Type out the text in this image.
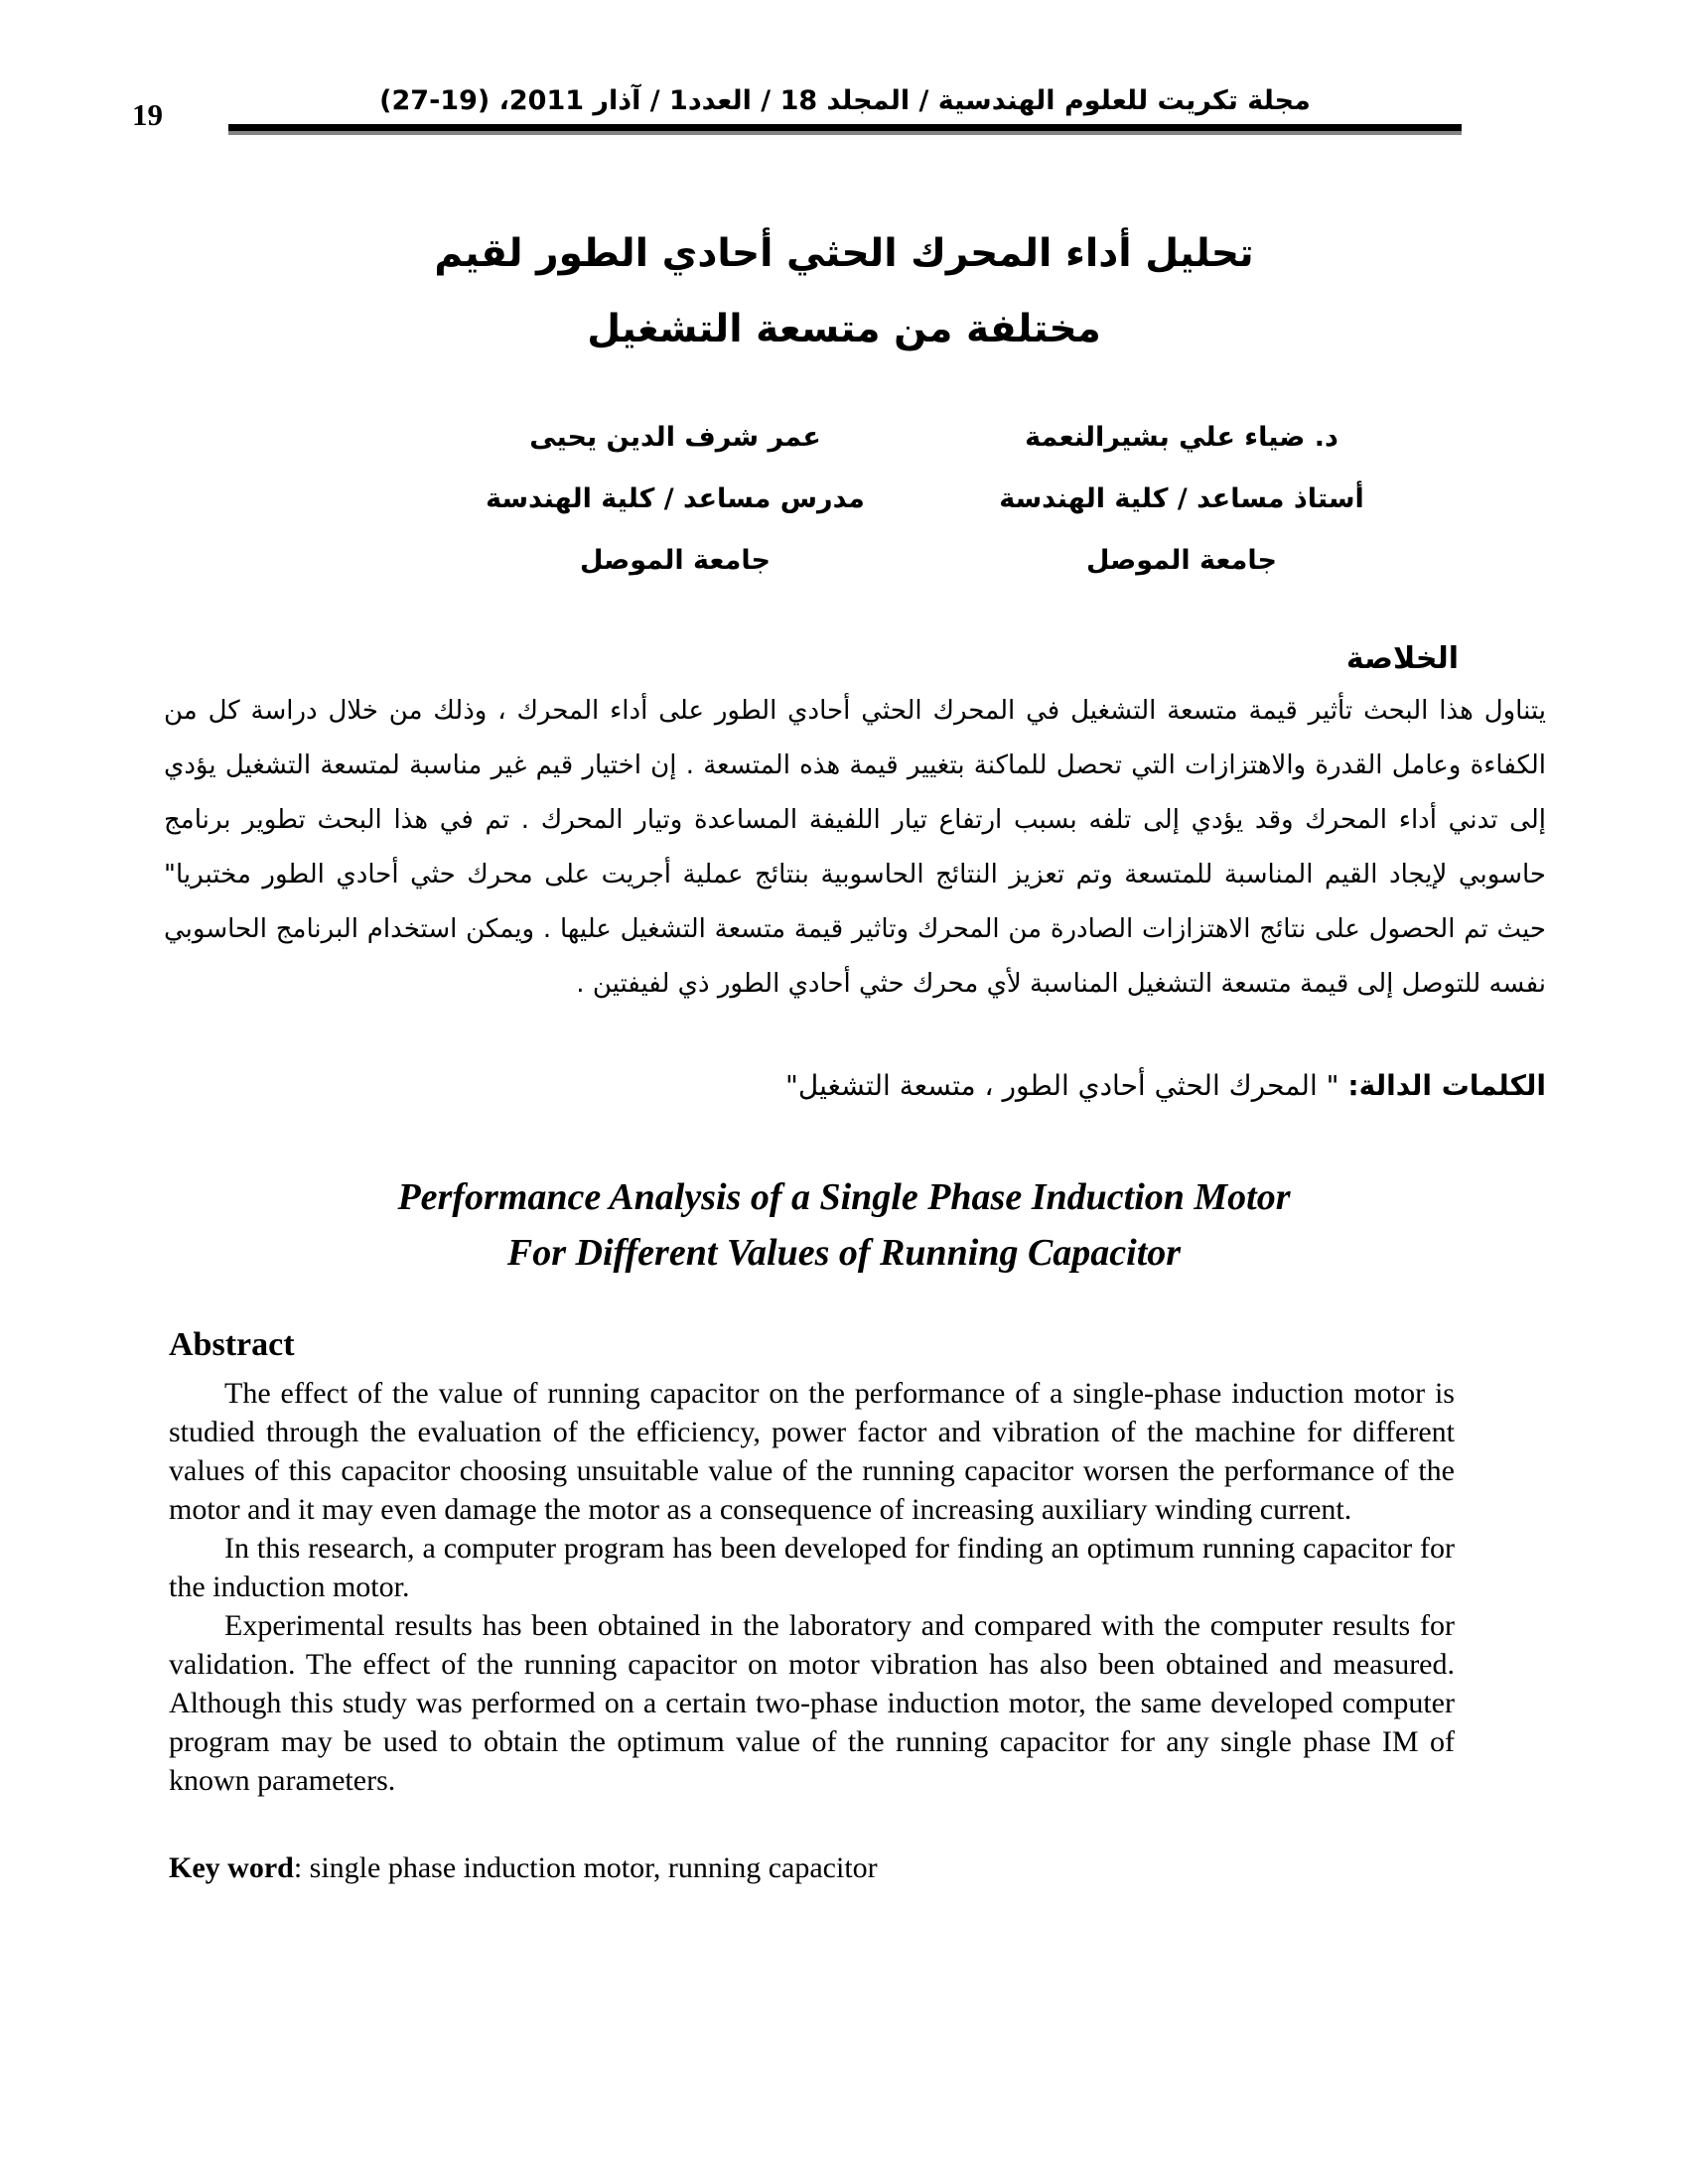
19	مجلة تكريت للعلوم الهندسية / المجلد 18 / العدد1 / آذار 2011، (19-27)
تحليل أداء المحرك الحثي أحادي الطور لقيم
مختلفة من متسعة التشغيل
د. ضياء علي بشيرالنعمة
أستاذ مساعد / كلية الهندسة
جامعة الموصل
عمر شرف الدين يحيى
مدرس مساعد / كلية الهندسة
جامعة الموصل
الخلاصة
يتناول هذا البحث تأثير قيمة متسعة التشغيل في المحرك الحثي أحادي الطور على أداء المحرك ، وذلك من خلال دراسة كل من الكفاءة وعامل القدرة والاهتزازات التي تحصل للماكنة بتغيير قيمة هذه المتسعة . إن اختيار قيم غير مناسبة لمتسعة التشغيل يؤدي إلى تدني أداء المحرك وقد يؤدي إلى تلفه بسبب ارتفاع تيار اللفيفة المساعدة وتيار المحرك . تم في هذا البحث تطوير برنامج حاسوبي لإيجاد القيم المناسبة للمتسعة وتم تعزيز النتائج الحاسوبية بنتائج عملية أجريت على محرك حثي أحادي الطور مختبريا" حيث تم الحصول على نتائج الاهتزازات الصادرة من المحرك وتاثير قيمة متسعة التشغيل عليها . ويمكن استخدام البرنامج الحاسوبي نفسه للتوصل إلى قيمة متسعة التشغيل المناسبة لأي محرك حثي أحادي الطور ذي لفيفتين .
الكلمات الدالة: " المحرك الحثي أحادي الطور ، متسعة التشغيل"
Performance Analysis of a Single Phase Induction Motor
For Different Values of Running Capacitor
Abstract

The effect of the value of running capacitor on the performance of a single-phase induction motor is studied through the evaluation of the efficiency, power factor and vibration of the machine for different values of this capacitor choosing unsuitable value of the running capacitor worsen the performance of the motor and it may even damage the motor as a consequence of increasing auxiliary winding current.

In this research, a computer program has been developed for finding an optimum running capacitor for the induction motor.

Experimental results has been obtained in the laboratory and compared with the computer results for validation. The effect of the running capacitor on motor vibration has also been obtained and measured. Although this study was performed on a certain two-phase induction motor, the same developed computer program may be used to obtain the optimum value of the running capacitor for any single phase IM of known parameters.

Key word: single phase induction motor, running capacitor
